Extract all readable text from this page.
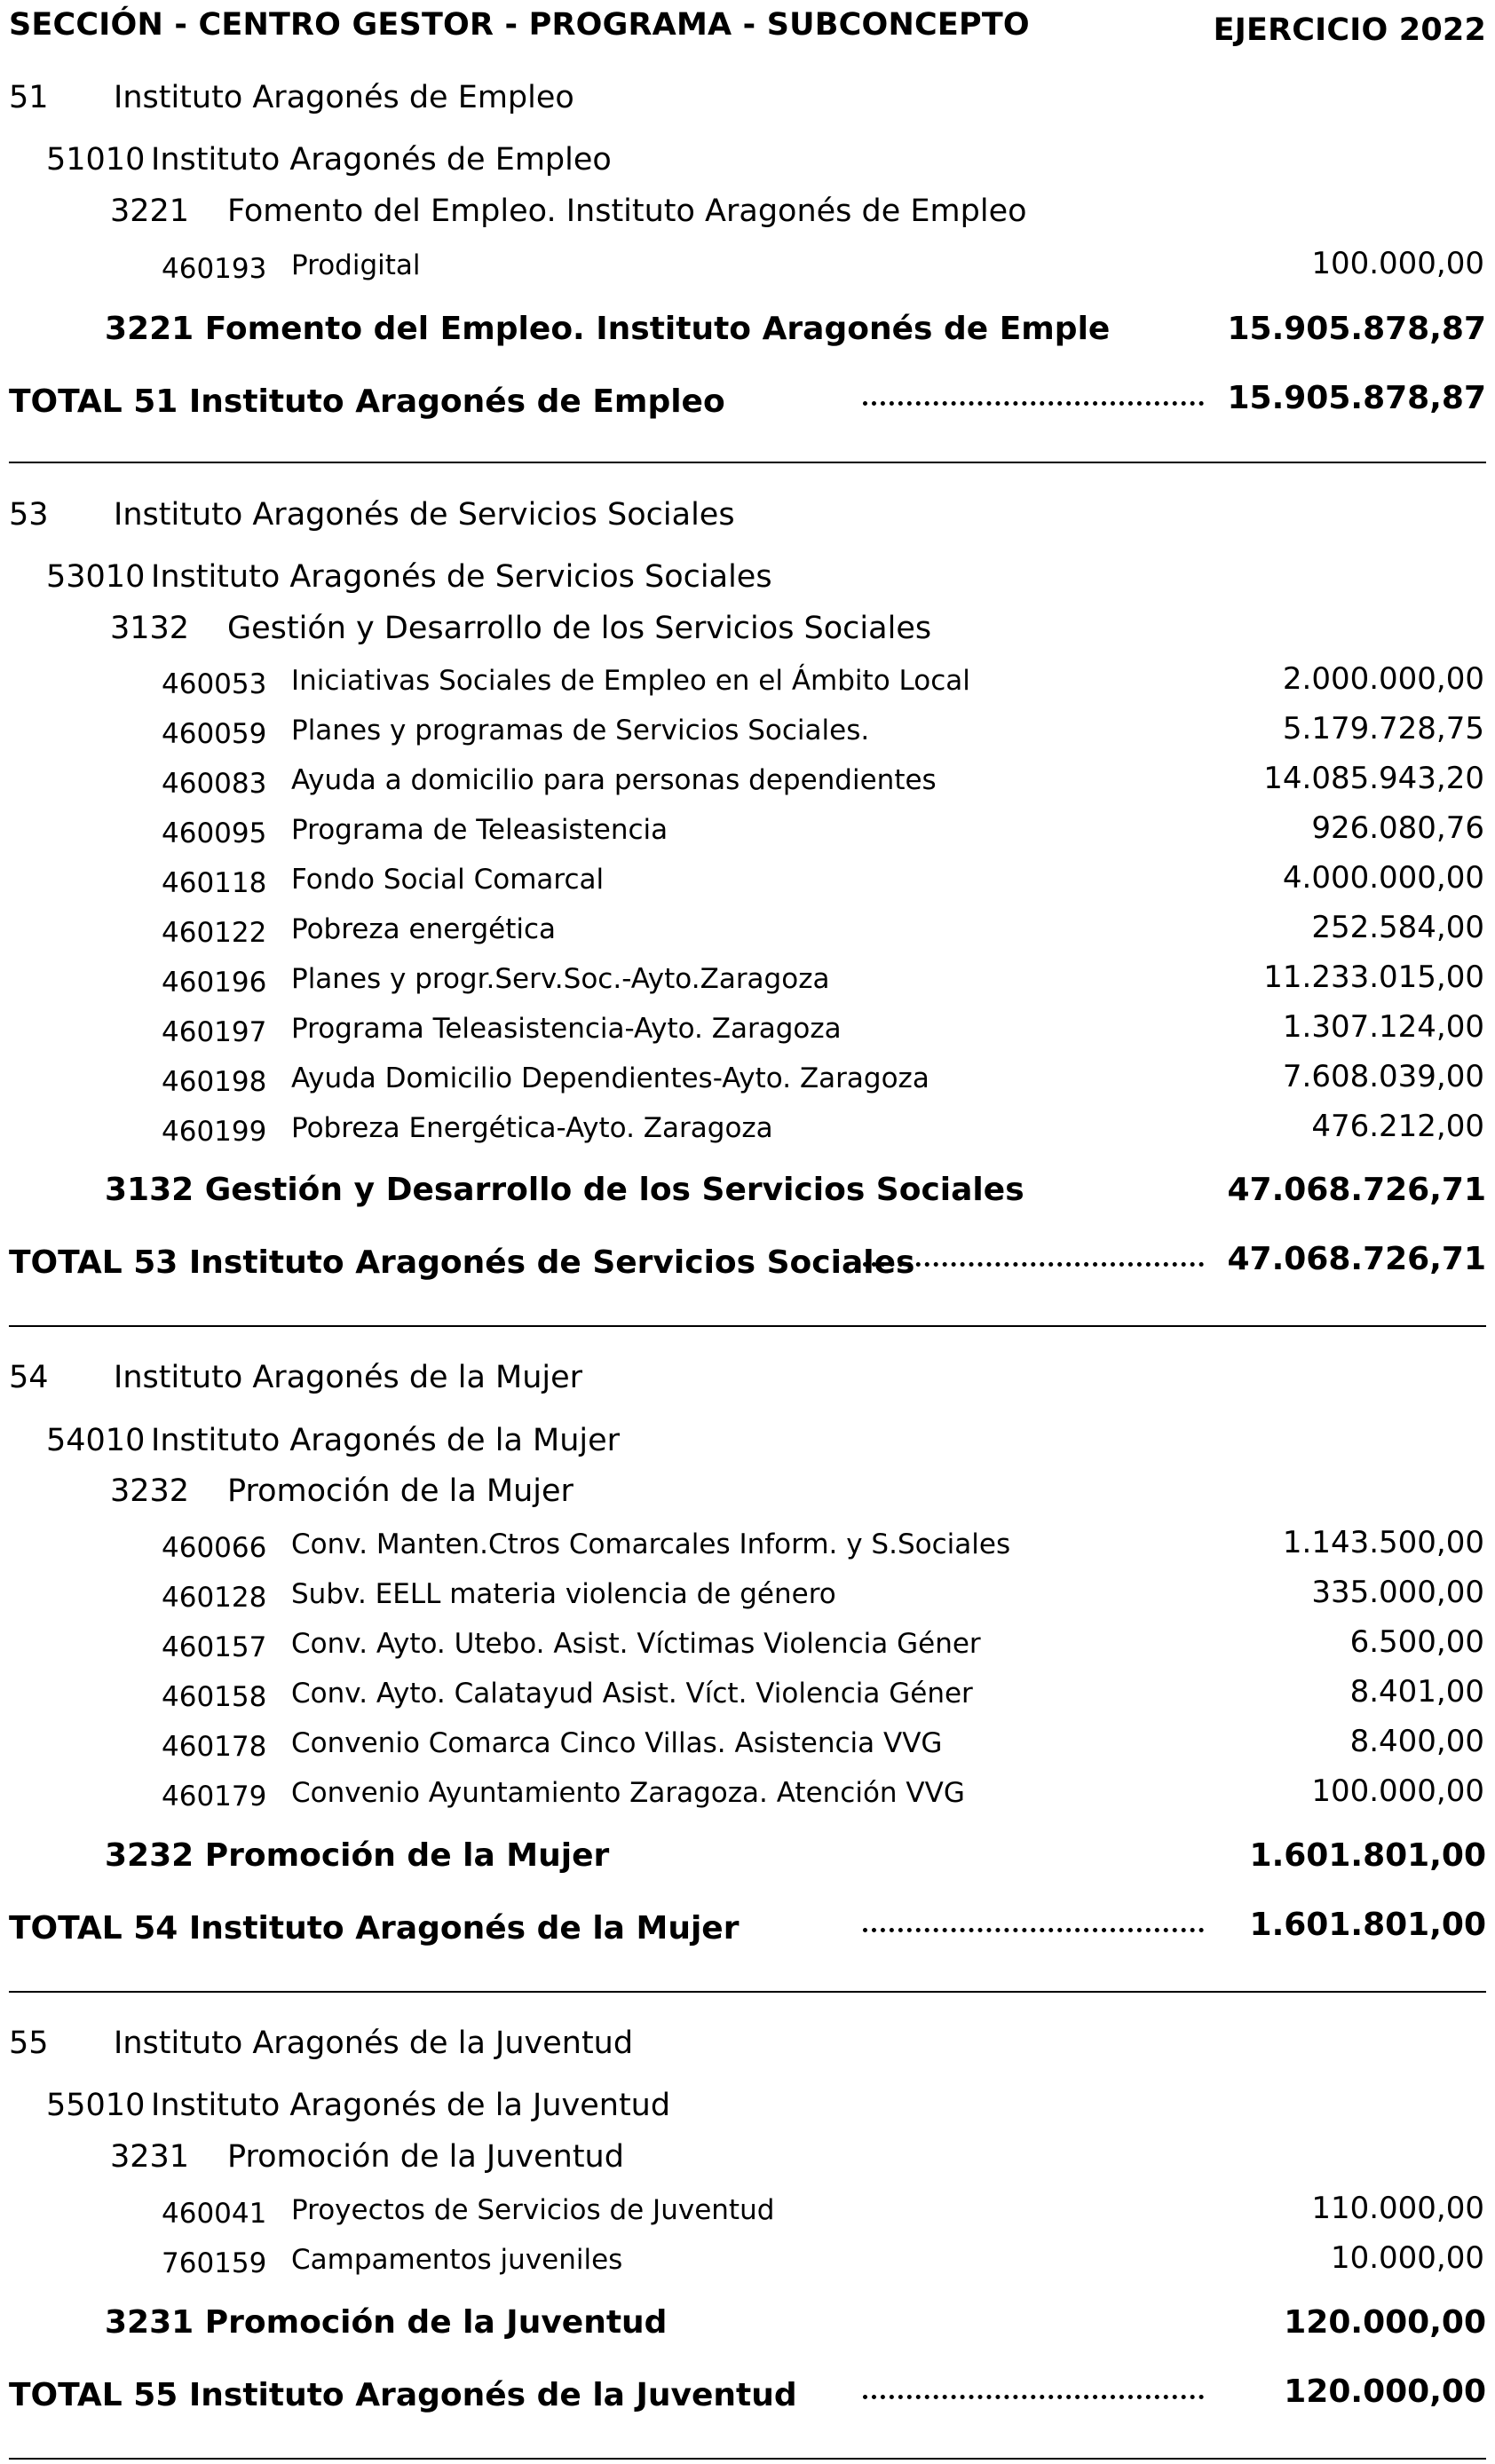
SECCIÓN - CENTRO GESTOR - PROGRAMA - SUBCONCEPTO	EJERCICIO 2022
51 Instituto Aragonés de Empleo
51010 Instituto Aragonés de Empleo
3221 Fomento del Empleo. Instituto Aragonés de Empleo
460193 Prodigital	100.000,00
3221 Fomento del Empleo. Instituto Aragonés de Emple	15.905.878,87
TOTAL 51 Instituto Aragonés de Empleo	15.905.878,87
53 Instituto Aragonés de Servicios Sociales
53010 Instituto Aragonés de Servicios Sociales
3132 Gestión y Desarrollo de los Servicios Sociales
460053 Iniciativas Sociales de Empleo en el Ámbito Local	2.000.000,00
460059 Planes y programas de Servicios Sociales.	5.179.728,75
460083 Ayuda a domicilio para personas dependientes	14.085.943,20
460095 Programa de Teleasistencia	926.080,76
460118 Fondo Social Comarcal	4.000.000,00
460122 Pobreza energética	252.584,00
460196 Planes y progr.Serv.Soc.-Ayto.Zaragoza	11.233.015,00
460197 Programa Teleasistencia-Ayto. Zaragoza	1.307.124,00
460198 Ayuda Domicilio Dependientes-Ayto. Zaragoza	7.608.039,00
460199 Pobreza Energética-Ayto. Zaragoza	476.212,00
3132 Gestión y Desarrollo de los Servicios Sociales	47.068.726,71
TOTAL 53 Instituto Aragonés de Servicios Sociales	47.068.726,71
54 Instituto Aragonés de la Mujer
54010 Instituto Aragonés de la Mujer
3232 Promoción de la Mujer
460066 Conv. Manten.Ctros Comarcales Inform. y S.Sociales	1.143.500,00
460128 Subv. EELL materia violencia de género	335.000,00
460157 Conv. Ayto. Utebo. Asist. Víctimas Violencia Géner	6.500,00
460158 Conv. Ayto. Calatayud Asist. Víct. Violencia Géner	8.401,00
460178 Convenio Comarca Cinco Villas. Asistencia VVG	8.400,00
460179 Convenio Ayuntamiento Zaragoza. Atención VVG	100.000,00
3232 Promoción de la Mujer	1.601.801,00
TOTAL 54 Instituto Aragonés de la Mujer	1.601.801,00
55 Instituto Aragonés de la Juventud
55010 Instituto Aragonés de la Juventud
3231 Promoción de la Juventud
460041 Proyectos de Servicios de Juventud	110.000,00
760159 Campamentos juveniles	10.000,00
3231 Promoción de la Juventud	120.000,00
TOTAL 55 Instituto Aragonés de la Juventud	120.000,00
